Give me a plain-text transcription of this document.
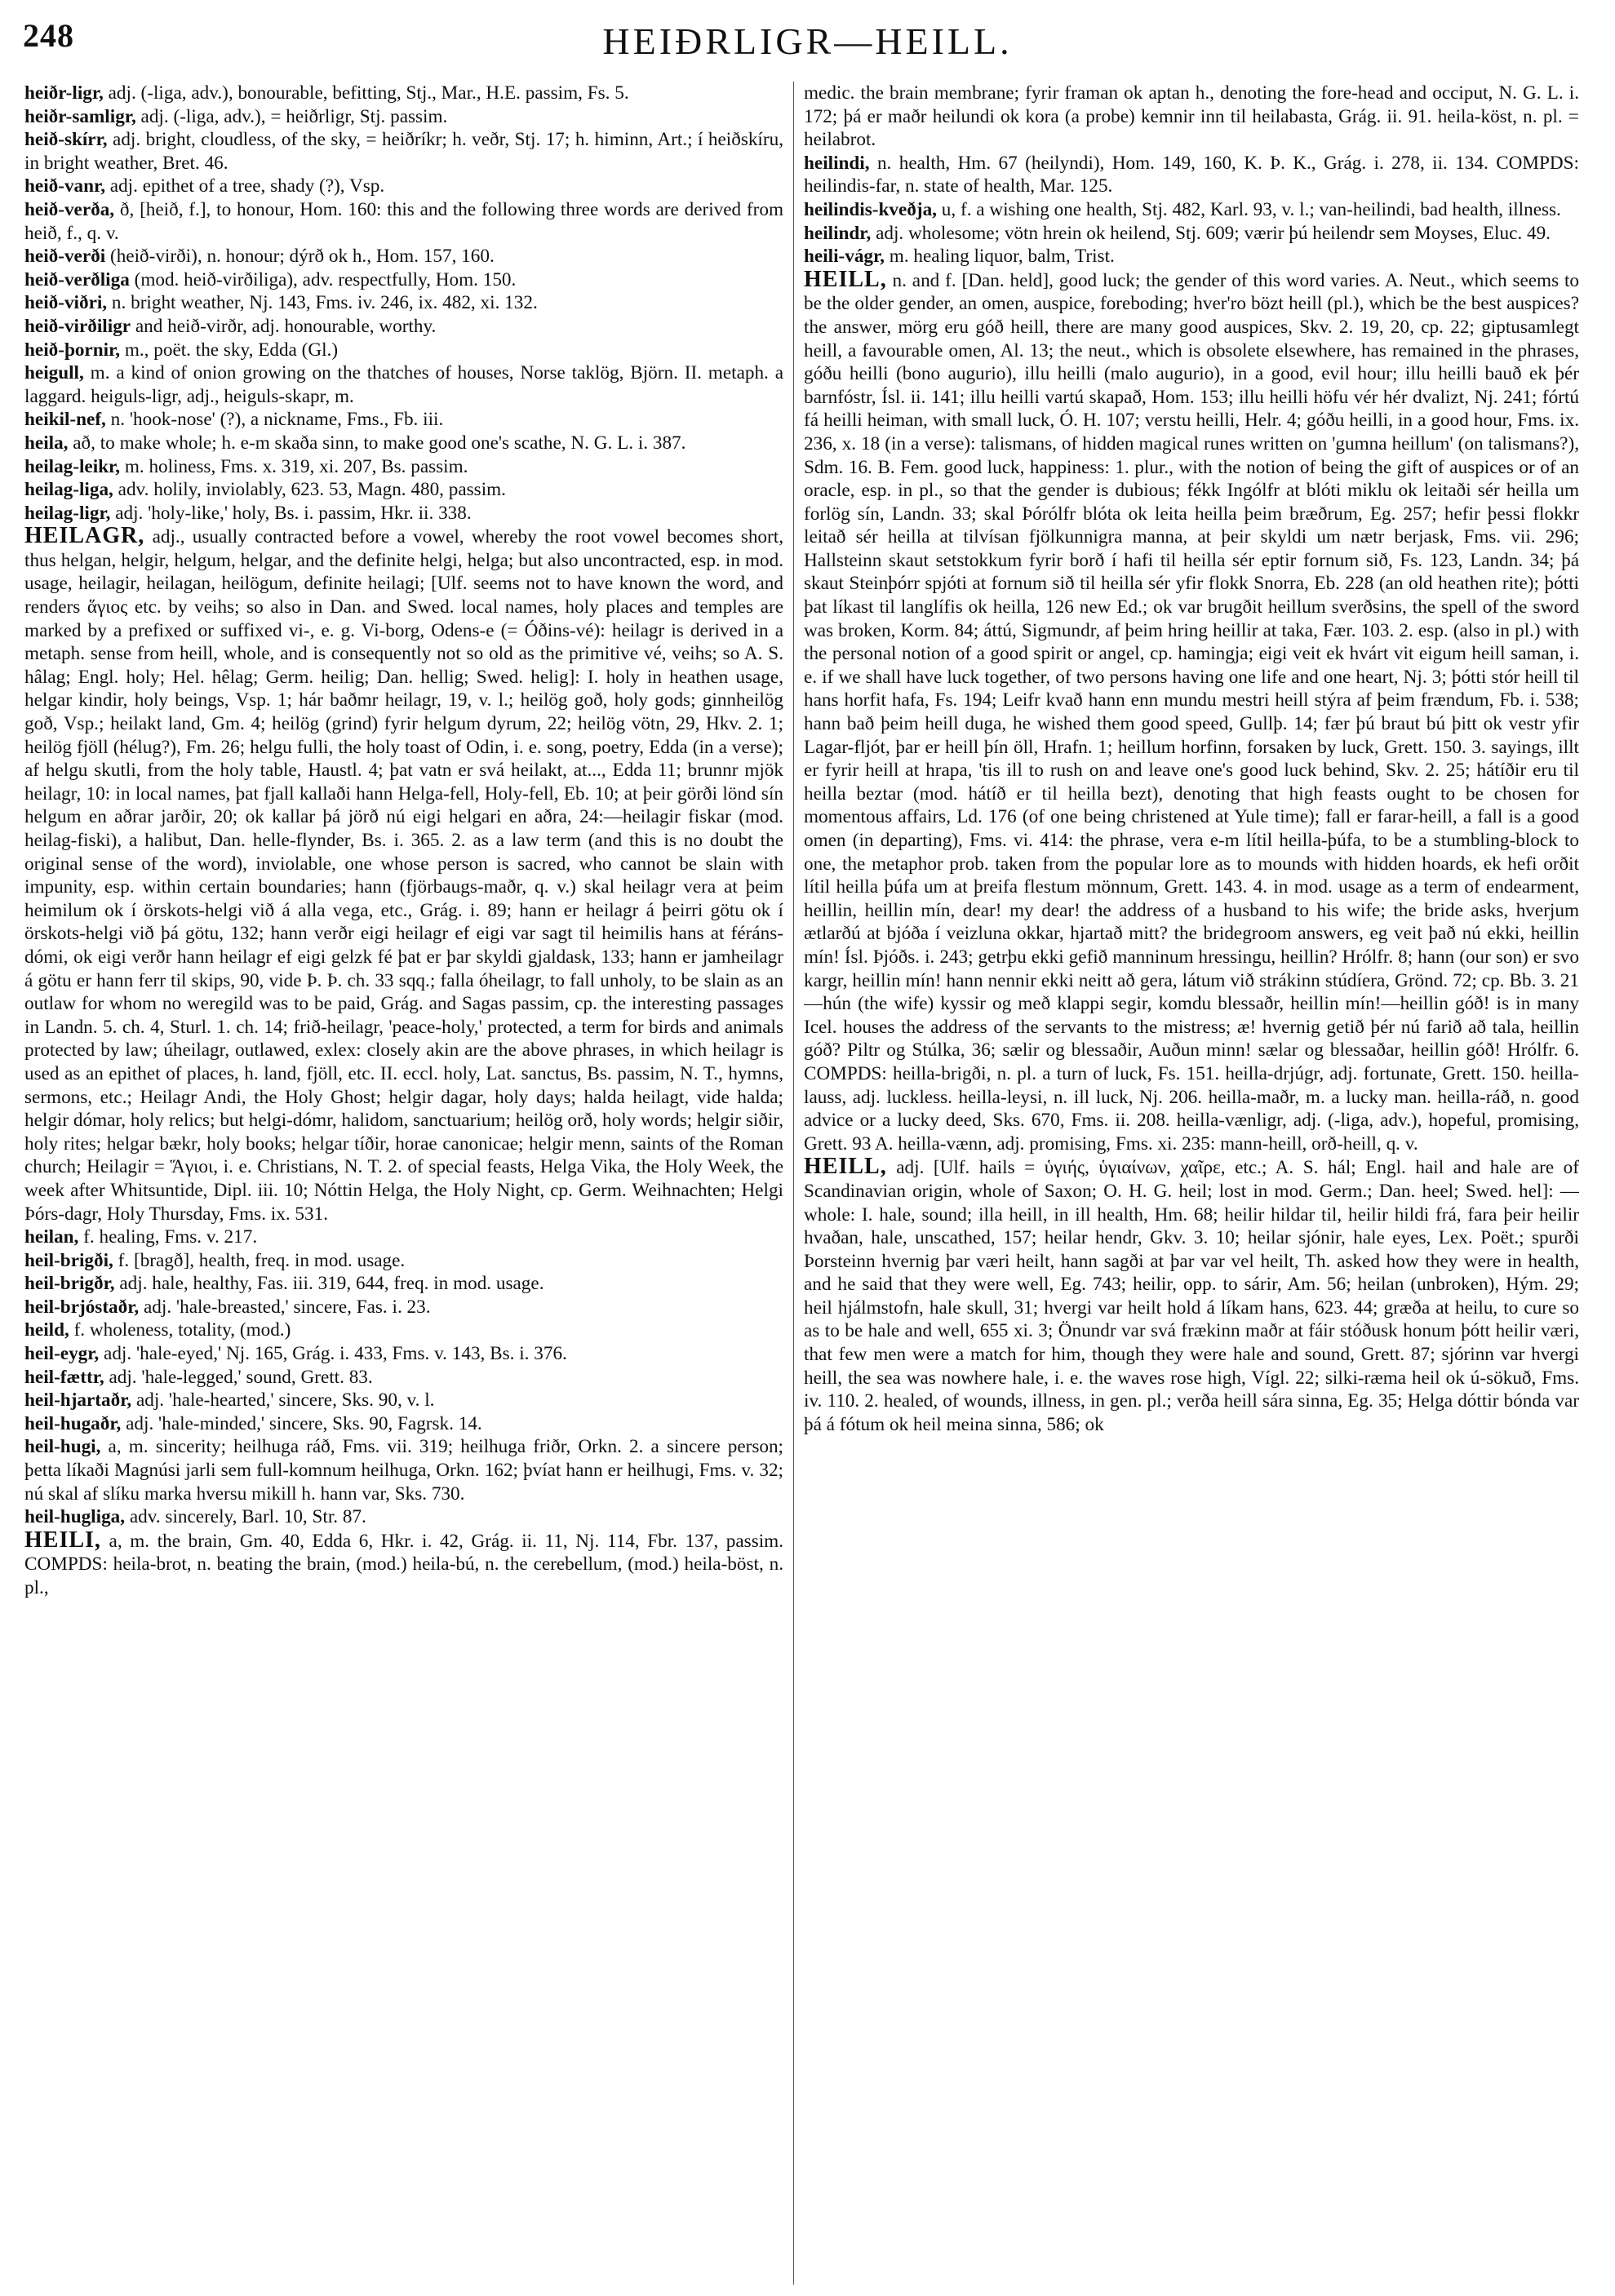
248	HEIÐRLIGR—HEILL.

heiðr-ligr, adj. (-liga, adv.), bonourable, befitting, Stj., Mar., H.E. passim, Fs. 5.

heiðr-samligr, adj. (-liga, adv.), = heiðrligr, Stj. passim.

heið-skírr, adj. bright, cloudless, of the sky, = heiðríkr; h. veðr, Stj. 17; h. himinn, Art.; í heiðskíru, in bright weather, Bret. 46.

heið-vanr, adj. epithet of a tree, shady (?), Vsp.

heið-verða, ð, [heið, f.], to honour, Hom. 160: this and the following three words are derived from heið, f., q. v.

heið-verði (heið-virði), n. honour; dýrð ok h., Hom. 157, 160.

heið-verðliga (mod. heið-virðiliga), adv. respectfully, Hom. 150.

heið-viðri, n. bright weather, Nj. 143, Fms. iv. 246, ix. 482, xi. 132.

heið-virðiligr and heið-virðr, adj. honourable, worthy.

heið-þornir, m., poët. the sky, Edda (Gl.)

heigull, m. a kind of onion growing on the thatches of houses, Norse taklög, Björn. II. metaph. a laggard. heiguls-ligr, adj., heiguls-skapr, m.

heikil-nef, n. 'hook-nose' (?), a nickname, Fms., Fb. iii.

heila, að, to make whole; h. e-m skaða sinn, to make good one's scathe, N. G. L. i. 387.

heilag-leikr, m. holiness, Fms. x. 319, xi. 207, Bs. passim.

heilag-liga, adv. holily, inviolably, 623. 53, Magn. 480, passim.

heilag-ligr, adj. 'holy-like,' holy, Bs. i. passim, Hkr. ii. 338.

HEILAGR, adj., usually contracted before a vowel, whereby the root vowel becomes short, thus helgan, helgir, helgum, helgar, and the definite helgi, helga; but also uncontracted, esp. in mod. usage, heilagir, heilagan, heilögum, definite heilagi; [Ulf. seems not to have known the word, and renders ἅγιος etc. by veihs; so also in Dan. and Swed. local names, holy places and temples are marked by a prefixed or suffixed vi-, e. g. Vi-borg, Odens-e (= Óðins-vé): heilagr is derived in a metaph. sense from heill, whole, and is consequently not so old as the primitive vé, veihs; so A. S. hâlag; Engl. holy; Hel. hêlag; Germ. heilig; Dan. hellig; Swed. helig]: I. holy in heathen usage, helgar kindir, holy beings, Vsp. 1; hár baðmr heilagr, 19, v. l.; heilög goð, holy gods; ginnheilög goð, Vsp.; heilakt land, Gm. 4; heilög (grind) fyrir helgum dyrum, 22; heilög vötn, 29, Hkv. 2. 1; heilög fjöll (hélug?), Fm. 26; helgu fulli, the holy toast of Odin, i. e. song, poetry, Edda (in a verse); af helgu skutli, from the holy table, Haustl. 4; þat vatn er svá heilakt, at..., Edda 11; brunnr mjök heilagr, 10: in local names, þat fjall kallaði hann Helga-fell, Holy-fell, Eb. 10; at þeir görði lönd sín helgum en aðrar jarðir, 20; ok kallar þá jörð nú eigi helgari en aðra, 24:—heilagir fiskar (mod. heilag-fiski), a halibut, Dan. helle-flynder, Bs. i. 365. 2. as a law term (and this is no doubt the original sense of the word), inviolable, one whose person is sacred, who cannot be slain with impunity, esp. within certain boundaries; hann (fjörbaugs-maðr, q. v.) skal heilagr vera at þeim heimilum ok í örskots-helgi við á alla vega, etc., Grág. i. 89; hann er heilagr á þeirri götu ok í örskots-helgi við þá götu, 132; hann verðr eigi heilagr ef eigi var sagt til heimilis hans at féráns-dómi, ok eigi verðr hann heilagr ef eigi gelzk fé þat er þar skyldi gjaldask, 133; hann er jamheilagr á götu er hann ferr til skips, 90, vide Þ. Þ. ch. 33 sqq.; falla óheilagr, to fall unholy, to be slain as an outlaw for whom no weregild was to be paid, Grág. and Sagas passim, cp. the interesting passages in Landn. 5. ch. 4, Sturl. 1. ch. 14; frið-heilagr, 'peace-holy,' protected, a term for birds and animals protected by law; úheilagr, outlawed, exlex: closely akin are the above phrases, in which heilagr is used as an epithet of places, h. land, fjöll, etc. II. eccl. holy, Lat. sanctus, Bs. passim, N. T., hymns, sermons, etc.; Heilagr Andi, the Holy Ghost; helgir dagar, holy days; halda heilagt, vide halda; helgir dómar, holy relics; but helgi-dómr, halidom, sanctuarium; heilög orð, holy words; helgir siðir, holy rites; helgar bækr, holy books; helgar tíðir, horae canonicae; helgir menn, saints of the Roman church; Heilagir = Ἅγιοι, i. e. Christians, N. T. 2. of special feasts, Helga Vika, the Holy Week, the week after Whitsuntide, Dipl. iii. 10; Nóttin Helga, the Holy Night, cp. Germ. Weihnachten; Helgi Þórs-dagr, Holy Thursday, Fms. ix. 531.

heilan, f. healing, Fms. v. 217.

heil-brigði, f. [bragð], health, freq. in mod. usage.

heil-brigðr, adj. hale, healthy, Fas. iii. 319, 644, freq. in mod. usage.

heil-brjóstaðr, adj. 'hale-breasted,' sincere, Fas. i. 23.

heild, f. wholeness, totality, (mod.)

heil-eygr, adj. 'hale-eyed,' Nj. 165, Grág. i. 433, Fms. v. 143, Bs. i. 376.

heil-fættr, adj. 'hale-legged,' sound, Grett. 83.

heil-hjartaðr, adj. 'hale-hearted,' sincere, Sks. 90, v. l.

heil-hugaðr, adj. 'hale-minded,' sincere, Sks. 90, Fagrsk. 14.

heil-hugi, a, m. sincerity; heilhuga ráð, Fms. vii. 319; heilhuga friðr, Orkn. 2. a sincere person; þetta líkaði Magnúsi jarli sem full-komnum heilhuga, Orkn. 162; þvíat hann er heilhugi, Fms. v. 32; nú skal af slíku marka hversu mikill h. hann var, Sks. 730.

heil-hugliga, adv. sincerely, Barl. 10, Str. 87.

HEILI, a, m. the brain, Gm. 40, Edda 6, Hkr. i. 42, Grág. ii. 11, Nj. 114, Fbr. 137, passim. COMPDS: heila-brot, n. beating the brain, (mod.) heila-bú, n. the cerebellum, (mod.) heila-böst, n. pl.,

medic. the brain membrane; fyrir framan ok aptan h., denoting the fore-head and occiput, N. G. L. i. 172; þá er maðr heilundi ok kora (a probe) kemnir inn til heilabasta, Grág. ii. 91. heila-köst, n. pl. = heilabrot.

heilindi, n. health, Hm. 67 (heilyndi), Hom. 149, 160, K. Þ. K., Grág. i. 278, ii. 134. COMPDS: heilindis-far, n. state of health, Mar. 125.

heilindis-kveðja, u, f. a wishing one health, Stj. 482, Karl. 93, v. l.; van-heilindi, bad health, illness.

heilindr, adj. wholesome; vötn hrein ok heilend, Stj. 609; værir þú heilendr sem Moyses, Eluc. 49.

heili-vágr, m. healing liquor, balm, Trist.

HEILL, n. and f. [Dan. held], good luck; the gender of this word varies. A. Neut., which seems to be the older gender, an omen, auspice, foreboding; hver'ro bözt heill (pl.), which be the best auspices? the answer, mörg eru góð heill, there are many good auspices, Skv. 2. 19, 20, cp. 22; giptusamlegt heill, a favourable omen, Al. 13; the neut., which is obsolete elsewhere, has remained in the phrases, góðu heilli (bono augurio), illu heilli (malo augurio), in a good, evil hour; illu heilli bauð ek þér barnfóstr, Ísl. ii. 141; illu heilli vartú skapað, Hom. 153; illu heilli höfu vér hér dvalizt, Nj. 241; fórtú fá heilli heiman, with small luck, Ó. H. 107; verstu heilli, Helr. 4; góðu heilli, in a good hour, Fms. ix. 236, x. 18 (in a verse): talismans, of hidden magical runes written on 'gumna heillum' (on talismans?), Sdm. 16. B. Fem. good luck, happiness: 1. plur., with the notion of being the gift of auspices or of an oracle, esp. in pl., so that the gender is dubious; fékk Ingólfr at blóti miklu ok leitaði sér heilla um forlög sín, Landn. 33; skal Þórólfr blóta ok leita heilla þeim bræðrum, Eg. 257; hefir þessi flokkr leitað sér heilla at tilvísan fjölkunnigra manna, at þeir skyldi um nætr berjask, Fms. vii. 296; Hallsteinn skaut setstokkum fyrir borð í hafi til heilla sér eptir fornum sið, Fs. 123, Landn. 34; þá skaut Steinþórr spjóti at fornum sið til heilla sér yfir flokk Snorra, Eb. 228 (an old heathen rite); þótti þat líkast til langlífis ok heilla, 126 new Ed.; ok var brugðit heillum sverðsins, the spell of the sword was broken, Korm. 84; áttú, Sigmundr, af þeim hring heillir at taka, Fær. 103. 2. esp. (also in pl.) with the personal notion of a good spirit or angel, cp. hamingja; eigi veit ek hvárt vit eigum heill saman, i. e. if we shall have luck together, of two persons having one life and one heart, Nj. 3; þótti stór heill til hans horfit hafa, Fs. 194; Leifr kvað hann enn mundu mestri heill stýra af þeim frændum, Fb. i. 538; hann bað þeim heill duga, he wished them good speed, Gullþ. 14; fær þú braut bú þitt ok vestr yfir Lagar-fljót, þar er heill þín öll, Hrafn. 1; heillum horfinn, forsaken by luck, Grett. 150. 3. sayings, illt er fyrir heill at hrapa, 'tis ill to rush on and leave one's good luck behind, Skv. 2. 25; hátíðir eru til heilla beztar (mod. hátíð er til heilla bezt), denoting that high feasts ought to be chosen for momentous affairs, Ld. 176 (of one being christened at Yule time); fall er farar-heill, a fall is a good omen (in departing), Fms. vi. 414: the phrase, vera e-m lítil heilla-þúfa, to be a stumbling-block to one, the metaphor prob. taken from the popular lore as to mounds with hidden hoards, ek hefi orðit lítil heilla þúfa um at þreifa flestum mönnum, Grett. 143. 4. in mod. usage as a term of endearment, heillin, heillin mín, dear! my dear! the address of a husband to his wife; the bride asks, hverjum ætlarðú at bjóða í veizluna okkar, hjartað mitt? the bridegroom answers, eg veit það nú ekki, heillin mín! Ísl. Þjóðs. i. 243; getrþu ekki gefið manninum hressingu, heillin? Hrólfr. 8; hann (our son) er svo kargr, heillin mín! hann nennir ekki neitt að gera, látum við strákinn stúdíera, Grönd. 72; cp. Bb. 3. 21—hún (the wife) kyssir og með klappi segir, komdu blessaðr, heillin mín!—heillin góð! is in many Icel. houses the address of the servants to the mistress; æ! hvernig getið þér nú farið að tala, heillin góð? Piltr og Stúlka, 36; sælir og blessaðir, Auðun minn! sælar og blessaðar, heillin góð! Hrólfr. 6. COMPDS: heilla-brigði, n. pl. a turn of luck, Fs. 151. heilla-drjúgr, adj. fortunate, Grett. 150. heilla-lauss, adj. luckless. heilla-leysi, n. ill luck, Nj. 206. heilla-maðr, m. a lucky man. heilla-ráð, n. good advice or a lucky deed, Sks. 670, Fms. ii. 208. heilla-vænligr, adj. (-liga, adv.), hopeful, promising, Grett. 93 A. heilla-vænn, adj. promising, Fms. xi. 235: mann-heill, orð-heill, q. v.

HEILL, adj. [Ulf. hails = ὑγιής, ὑγιαίνων, χαῖρε, etc.; A. S. hál; Engl. hail and hale are of Scandinavian origin, whole of Saxon; O. H. G. heil; lost in mod. Germ.; Dan. heel; Swed. hel]: —whole: I. hale, sound; illa heill, in ill health, Hm. 68; heilir hildar til, heilir hildi frá, fara þeir heilir hvaðan, hale, unscathed, 157; heilar hendr, Gkv. 3. 10; heilar sjónir, hale eyes, Lex. Poët.; spurði Þorsteinn hvernig þar væri heilt, hann sagði at þar var vel heilt, Th. asked how they were in health, and he said that they were well, Eg. 743; heilir, opp. to sárir, Am. 56; heilan (unbroken), Hým. 29; heil hjálmstofn, hale skull, 31; hvergi var heilt hold á líkam hans, 623. 44; græða at heilu, to cure so as to be hale and well, 655 xi. 3; Önundr var svá frækinn maðr at fáir stóðusk honum þótt heilir væri, that few men were a match for him, though they were hale and sound, Grett. 87; sjórinn var hvergi heill, the sea was nowhere hale, i. e. the waves rose high, Vígl. 22; silki-ræma heil ok ú-sökuð, Fms. iv. 110. 2. healed, of wounds, illness, in gen. pl.; verða heill sára sinna, Eg. 35; Helga dóttir bónda var þá á fótum ok heil meina sinna, 586; ok
